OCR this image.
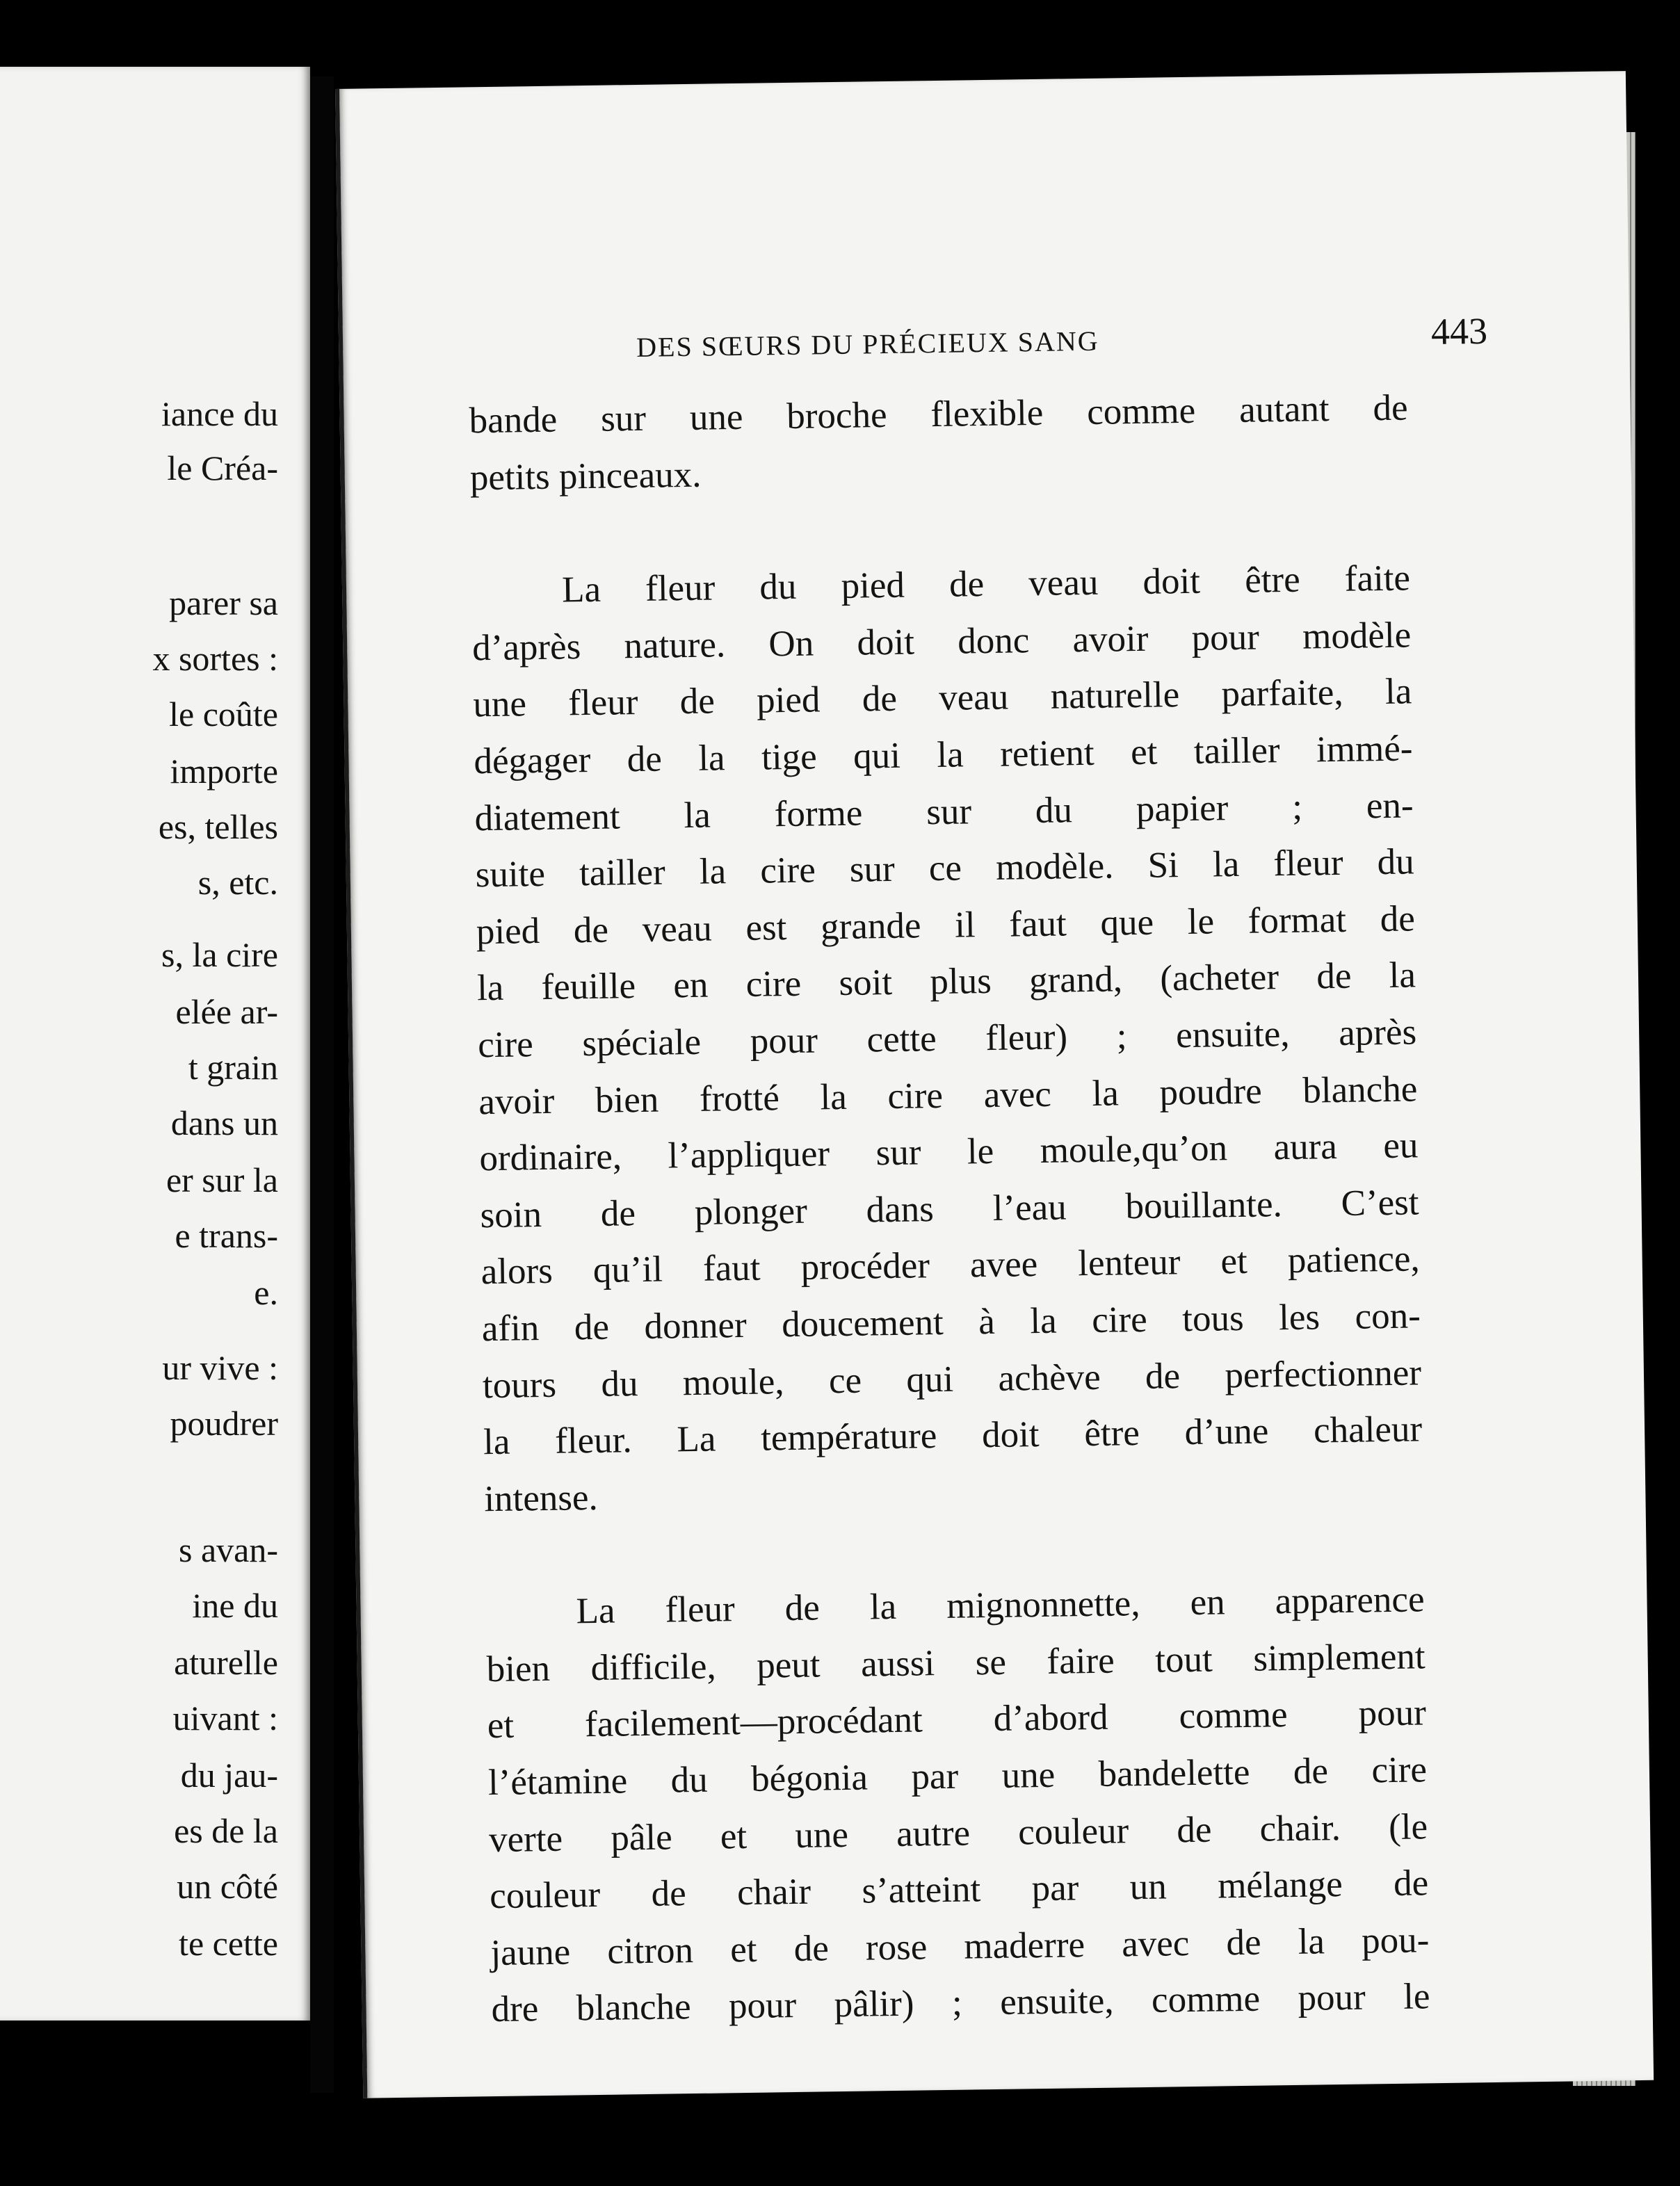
iance du

le Créa-

parer sa

x sortes :

le coûte

importe

es, telles

s, etc.

s, la cire

elée ar-

t grain

dans un

er sur la

e trans-

e.

ur vive :

poudrer

s avan-

ine du

aturelle

uivant :

du jau-

es de la

un côté

te cette

DES SŒURS DU PRÉCIEUX SANG	443

bande sur une broche flexible comme autant de
petits pinceaux.

La fleur du pied de veau doit être faite
d’après nature. On doit donc avoir pour modèle
une fleur de pied de veau naturelle parfaite, la
dégager de la tige qui la retient et tailler immé-
diatement la forme sur du papier ; en-
suite tailler la cire sur ce modèle. Si la fleur du
pied de veau est grande il faut que le format de
la feuille en cire soit plus grand, (acheter de la
cire spéciale pour cette fleur) ; ensuite, après
avoir bien frotté la cire avec la poudre blanche
ordinaire, l’appliquer sur le moule,qu’on aura eu
soin de plonger dans l’eau bouillante. C’est
alors qu’il faut procéder avee lenteur et patience,
afin de donner doucement à la cire tous les con-
tours du moule, ce qui achève de perfectionner
la fleur. La température doit être d’une chaleur
intense.

La fleur de la mignonnette, en apparence
bien difficile, peut aussi se faire tout simplement
et facilement—procédant d’abord comme pour
l’étamine du bégonia par une bandelette de cire
verte pâle et une autre couleur de chair. (le
couleur de chair s’atteint par un mélange de
jaune citron et de rose maderre avec de la pou-
dre blanche pour pâlir) ; ensuite, comme pour le
